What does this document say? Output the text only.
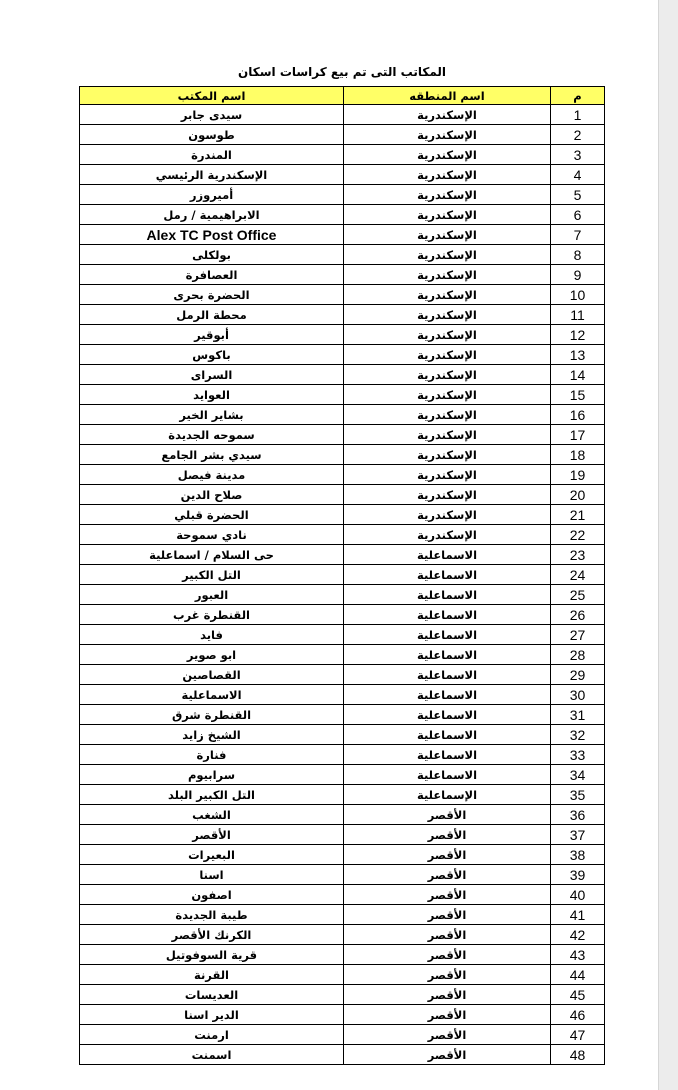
المكاتب التى تم بيع كراسات اسكان
اسم المكتب	اسم المنطقه	م
سيدى جابر	الإسكندرية	1
طوسون	الإسكندرية	2
المندرة	الإسكندرية	3
الإسكندرية الرئيسي	الإسكندرية	4
أميروزر	الإسكندرية	5
الابراهيمية / رمل	الإسكندرية	6
Alex TC Post Office	الإسكندرية	7
بولكلى	الإسكندرية	8
العصافرة	الإسكندرية	9
الحضرة بحرى	الإسكندرية	10
محطة الرمل	الإسكندرية	11
أبوقير	الإسكندرية	12
باكوس	الإسكندرية	13
السراى	الإسكندرية	14
العوايد	الإسكندرية	15
بشاير الخير	الإسكندرية	16
سموحه الجديدة	الإسكندرية	17
سيدي بشر الجامع	الإسكندرية	18
مدينة فيصل	الإسكندرية	19
صلاح الدين	الإسكندرية	20
الحضرة قبلي	الإسكندرية	21
نادي سموحة	الإسكندرية	22
حى السلام / اسماعلية	الاسماعلية	23
التل الكبير	الاسماعلية	24
العبور	الاسماعلية	25
القنطرة غرب	الاسماعلية	26
فايد	الاسماعلية	27
ابو صوير	الاسماعلية	28
القصاصين	الاسماعلية	29
الاسماعلية	الاسماعلية	30
القنطرة شرق	الاسماعلية	31
الشيخ زايد	الاسماعلية	32
فنارة	الاسماعلية	33
سرابيوم	الاسماعلية	34
التل الكبير البلد	الإسماعلية	35
الشغب	الأقصر	36
الأقصر	الأقصر	37
البعيرات	الأقصر	38
اسنا	الأقصر	39
اصفون	الأقصر	40
طيبة الجديدة	الأقصر	41
الكرنك الأقصر	الأقصر	42
قرية السوفوتيل	الأقصر	43
القرنة	الأقصر	44
العديسات	الأقصر	45
الدير اسنا	الأقصر	46
ارمنت	الأقصر	47
اسمنت	الأقصر	48
